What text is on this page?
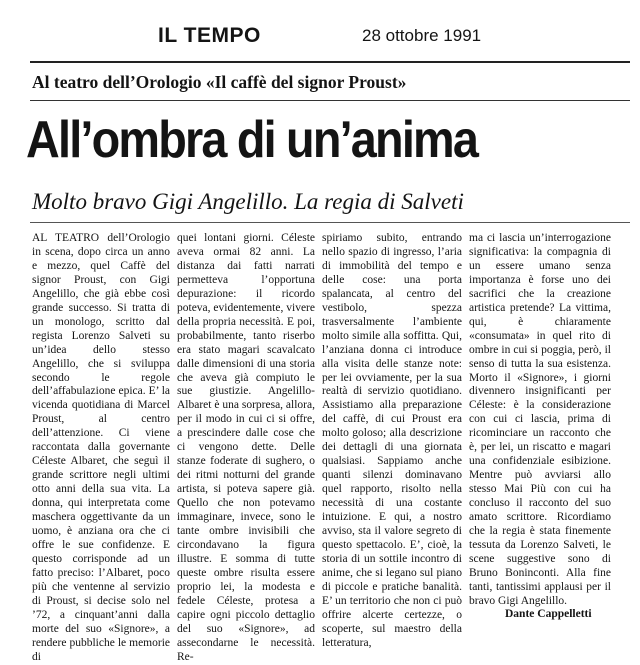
IL TEMPO	28 ottobre 1991
Al teatro dell’Orologio «Il caffè del signor Proust»
All’ombra di un’anima
Molto bravo Gigi Angelillo. La regia di Salveti
AL TEATRO dell’Orologio in scena, dopo circa un anno e mezzo, quel Caffè del signor Proust, con Gigi Angelillo, che già ebbe così grande successo. Si tratta di un monologo, scritto dal regista Lorenzo Salveti su un’idea dello stesso Angelillo, che si sviluppa secondo le regole dell’affabulazione epica. E’ la vicenda quotidiana di Marcel Proust, al centro dell’attenzione. Ci viene raccontata dalla governante Céleste Albaret, che seguì il grande scrittore negli ultimi otto anni della sua vita. La donna, qui interpretata come maschera oggettivante da un uomo, è anziana ora che ci offre le sue confidenze. E questo corrisponde ad un fatto preciso: l’Albaret, poco più che ventenne al servizio di Proust, si decise solo nel ’72, a cinquant’anni dalla morte del suo «Signore», a rendere pubbliche le memorie di
quei lontani giorni. Céleste aveva ormai 82 anni. La distanza dai fatti narrati permetteva l’opportuna depurazione: il ricordo poteva, evidentemente, vivere della propria necessità. E poi, probabilmente, tanto riserbo era stato magari scavalcato dalle dimensioni di una storia che aveva già compiuto le sue giustizie. Angelillo-Albaret è una sorpresa, allora, per il modo in cui ci si offre, a prescindere dalle cose che ci vengono dette. Delle stanze foderate di sughero, o dei ritmi notturni del grande artista, si poteva sapere già. Quello che non potevamo immaginare, invece, sono le tante ombre invisibili che circondavano la figura illustre. E somma di tutte queste ombre risulta essere proprio lei, la modesta e fedele Céleste, protesa a capire ogni piccolo dettaglio del suo «Signore», ad assecondarne le necessità. Re-
spiriamo subito, entrando nello spazio di ingresso, l’aria di immobilità del tempo e delle cose: una porta spalancata, al centro del vestibolo, spezza trasversalmente l’ambiente molto simile alla soffitta. Qui, l’anziana donna ci introduce alla visita delle stanze note: per lei ovviamente, per la sua realtà di servizio quotidiano. Assistiamo alla preparazione del caffè, di cui Proust era molto goloso; alla descrizione dei dettagli di una giornata qualsiasi. Sappiamo anche quanti silenzi dominavano quel rapporto, risolto nella necessità di una costante intuizione. E qui, a nostro avviso, sta il valore segreto di questo spettacolo. E’, cioè, la storia di un sottile incontro di anime, che si legano sul piano di piccole e pratiche banalità. E’ un territorio che non ci può offrire alcerte certezze, o scoperte, sul maestro della letteratura,
ma ci lascia un’interrogazione significativa: la compagnia di un essere umano senza importanza è forse uno dei sacrifici che la creazione artistica pretende? La vittima, qui, è chiaramente «consumata» in quel rito di ombre in cui si poggia, però, il senso di tutta la sua esistenza. Morto il «Signore», i giorni divennero insignificanti per Céleste: è la considerazione con cui ci lascia, prima di ricominciare un racconto che è, per lei, un riscatto e magari una confidenziale esibizione. Mentre può avviarsi allo stesso Mai Più con cui ha concluso il racconto del suo amato scrittore. Ricordiamo che la regia è stata finemente tessuta da Lorenzo Salveti, le scene suggestive sono di Bruno Boninconti. Alla fine tanti, tantissimi applausi per il bravo Gigi Angelillo.
Dante Cappelletti
